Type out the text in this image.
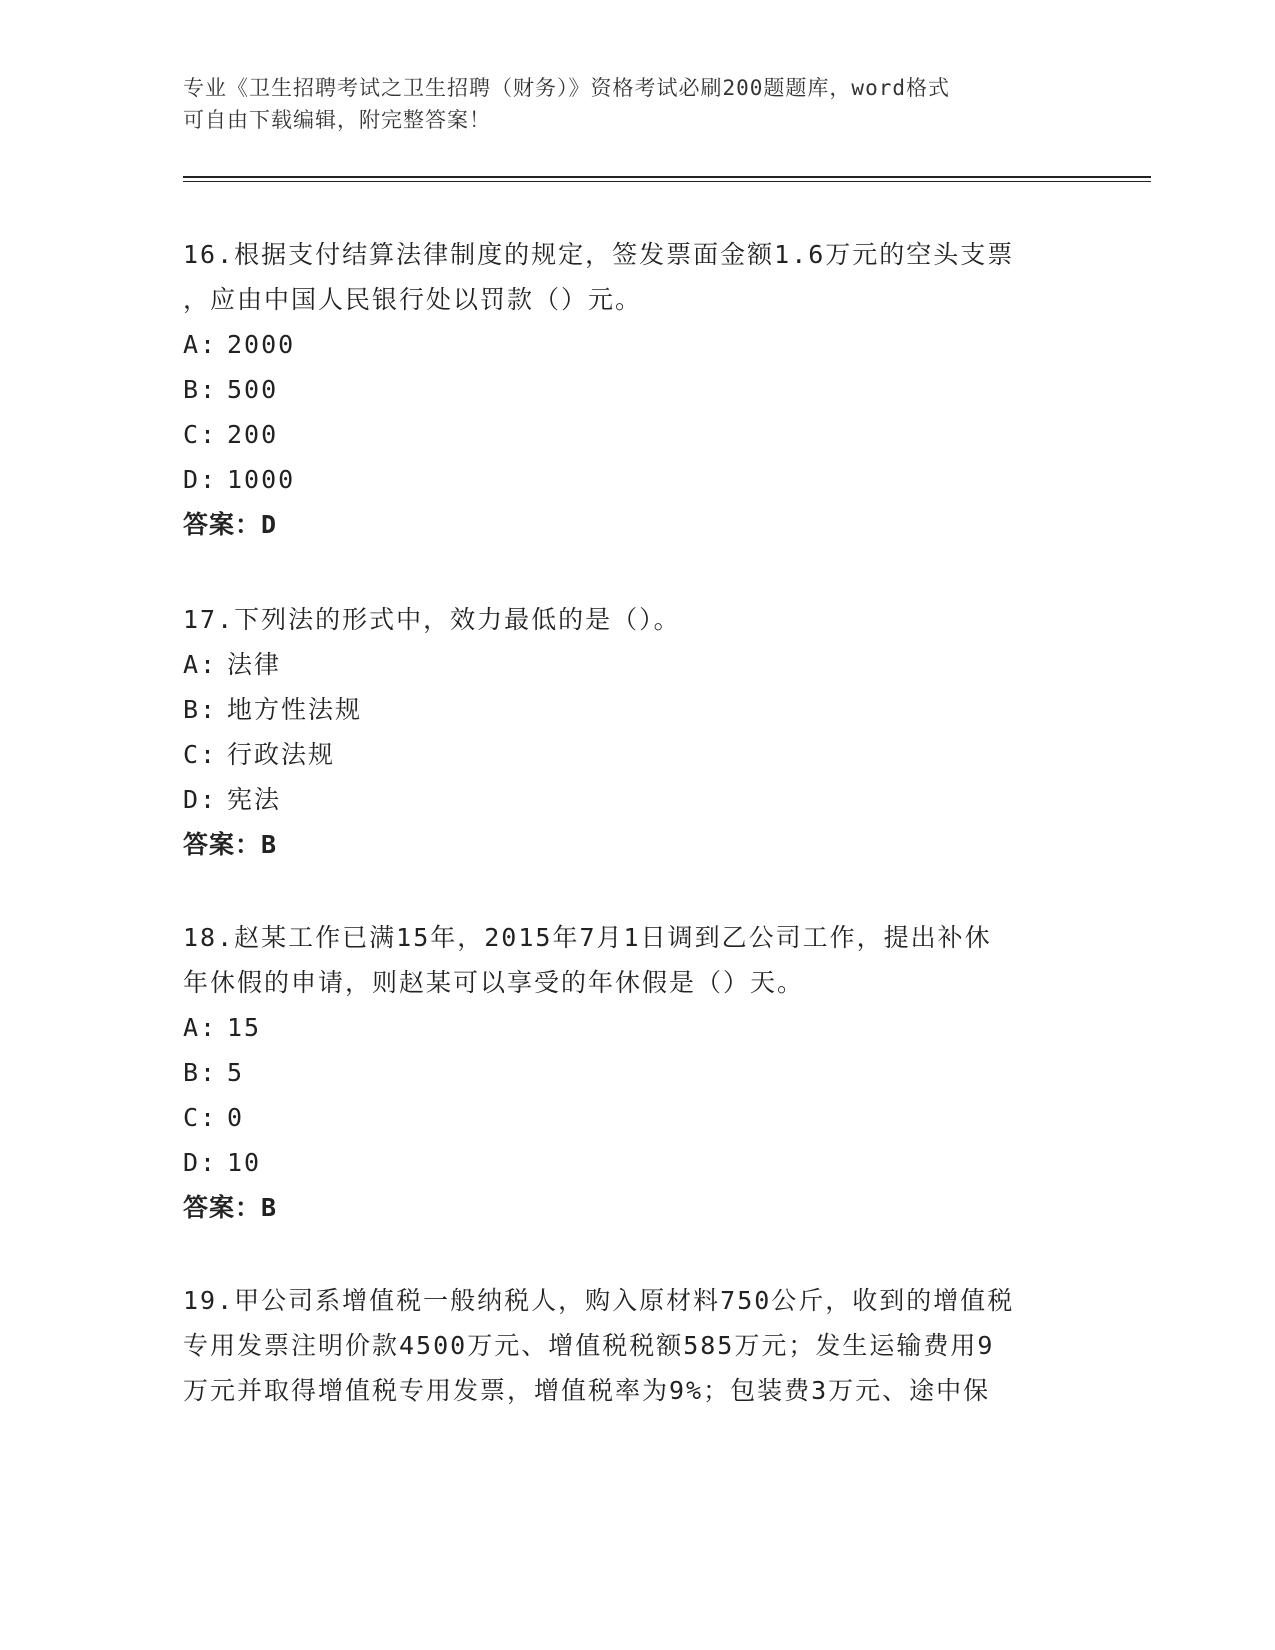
专业《卫生招聘考试之卫生招聘（财务）》资格考试必刷200题题库，word格式

可自由下载编辑，附完整答案！

16.根据支付结算法律制度的规定，签发票面金额1.6万元的空头支票
，应由中国人民银行处以罚款（）元。

A: 2000

B: 500

C: 200

D: 1000

答案：D

17.下列法的形式中，效力最低的是（）。

A: 法律

B: 地方性法规

C: 行政法规

D: 宪法

答案：B

18.赵某工作已满15年，2015年7月1日调到乙公司工作，提出补休
年休假的申请，则赵某可以享受的年休假是（）天。

A: 15

B: 5

C: 0

D: 10

答案：B

19.甲公司系增值税一般纳税人，购入原材料750公斤，收到的增值税
专用发票注明价款4500万元、增值税税额585万元；发生运输费用9
万元并取得增值税专用发票，增值税率为9%；包装费3万元、途中保
